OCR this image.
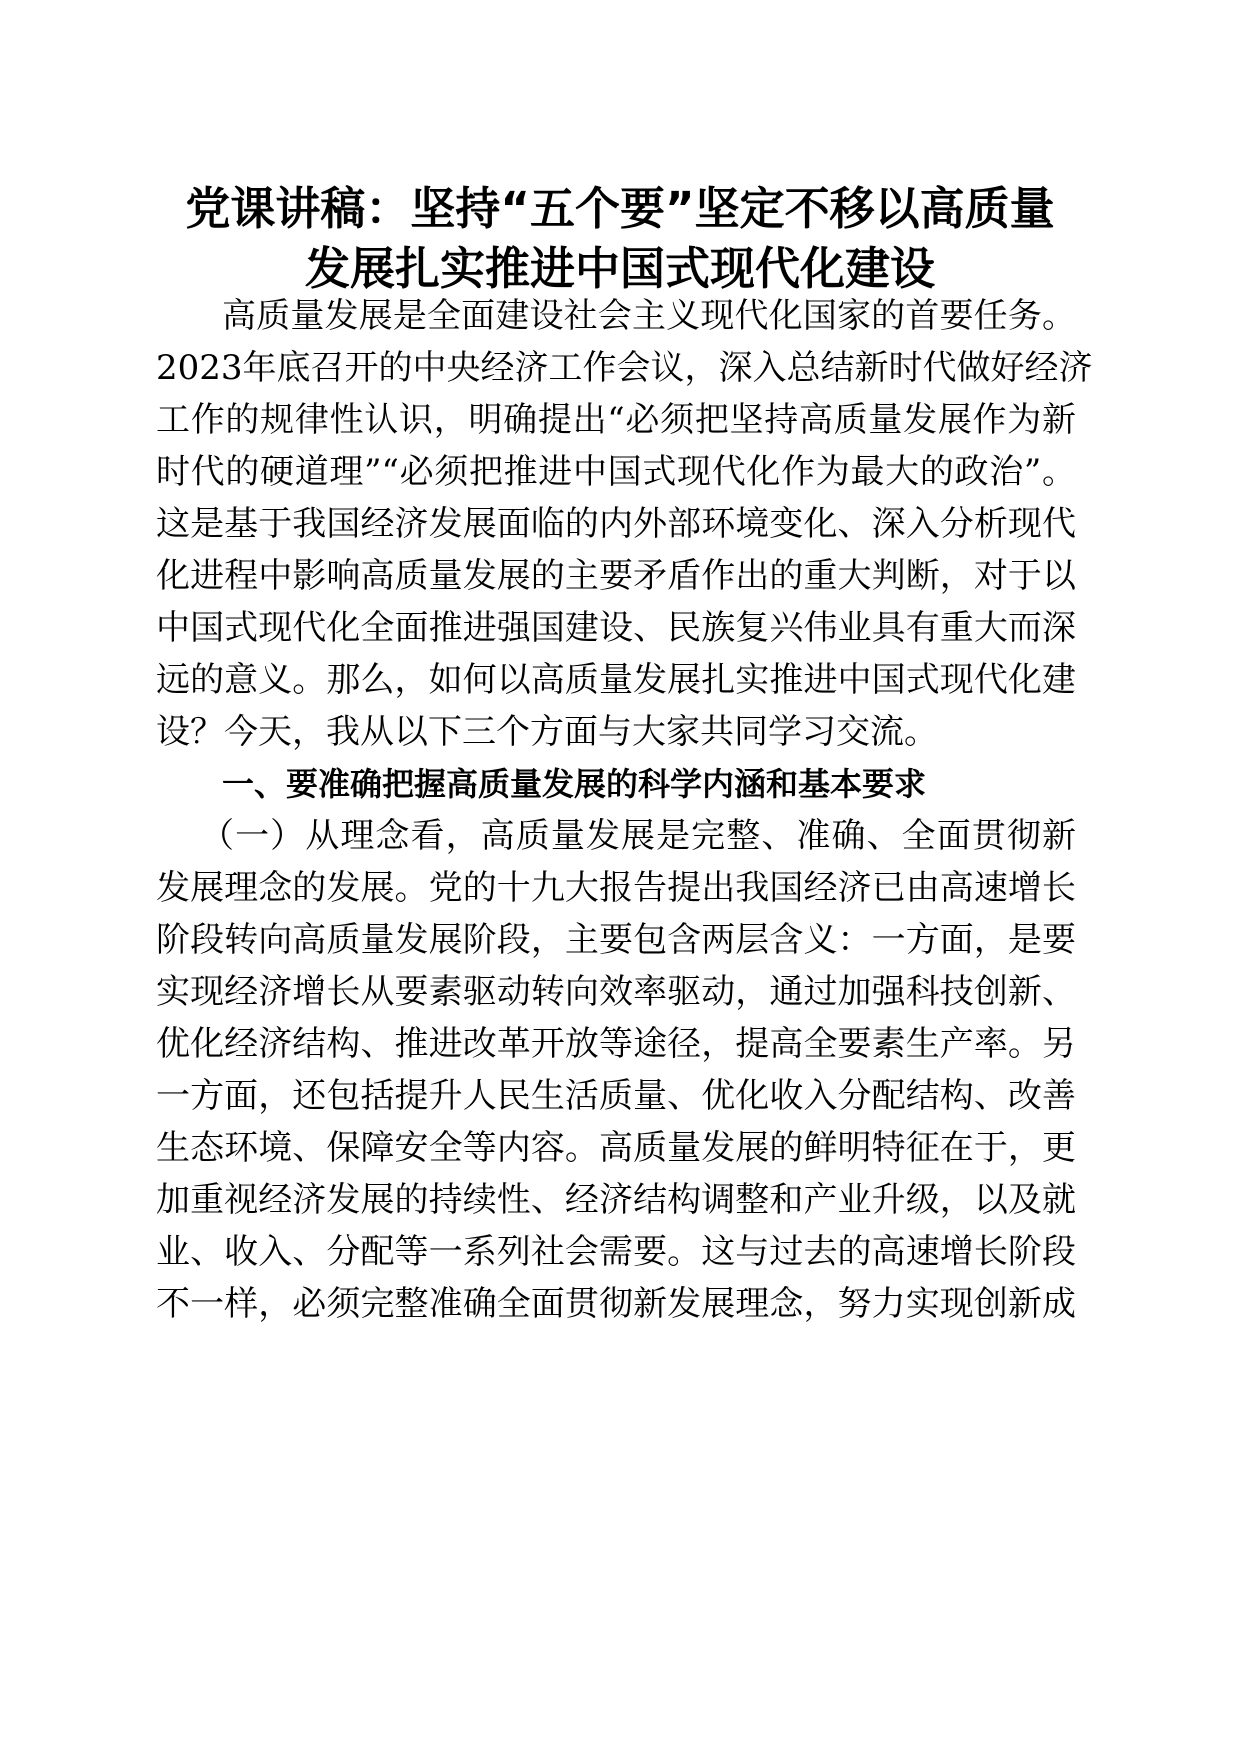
党课讲稿：坚持“五个要”坚定不移以高质量
发展扎实推进中国式现代化建设

高质量发展是全面建设社会主义现代化国家的首要任务。

2023年底召开的中央经济工作会议，深入总结新时代做好经济

工作的规律性认识，明确提出“必须把坚持高质量发展作为新

时代的硬道理”“必须把推进中国式现代化作为最大的政治”。

这是基于我国经济发展面临的内外部环境变化、深入分析现代

化进程中影响高质量发展的主要矛盾作出的重大判断，对于以

中国式现代化全面推进强国建设、民族复兴伟业具有重大而深

远的意义。那么，如何以高质量发展扎实推进中国式现代化建

设？今天，我从以下三个方面与大家共同学习交流。

一、要准确把握高质量发展的科学内涵和基本要求

（一）从理念看，高质量发展是完整、准确、全面贯彻新

发展理念的发展。党的十九大报告提出我国经济已由高速增长

阶段转向高质量发展阶段，主要包含两层含义：一方面，是要

实现经济增长从要素驱动转向效率驱动，通过加强科技创新、

优化经济结构、推进改革开放等途径，提高全要素生产率。另

一方面，还包括提升人民生活质量、优化收入分配结构、改善

生态环境、保障安全等内容。高质量发展的鲜明特征在于，更

加重视经济发展的持续性、经济结构调整和产业升级，以及就

业、收入、分配等一系列社会需要。这与过去的高速增长阶段

不一样，必须完整准确全面贯彻新发展理念，努力实现创新成
